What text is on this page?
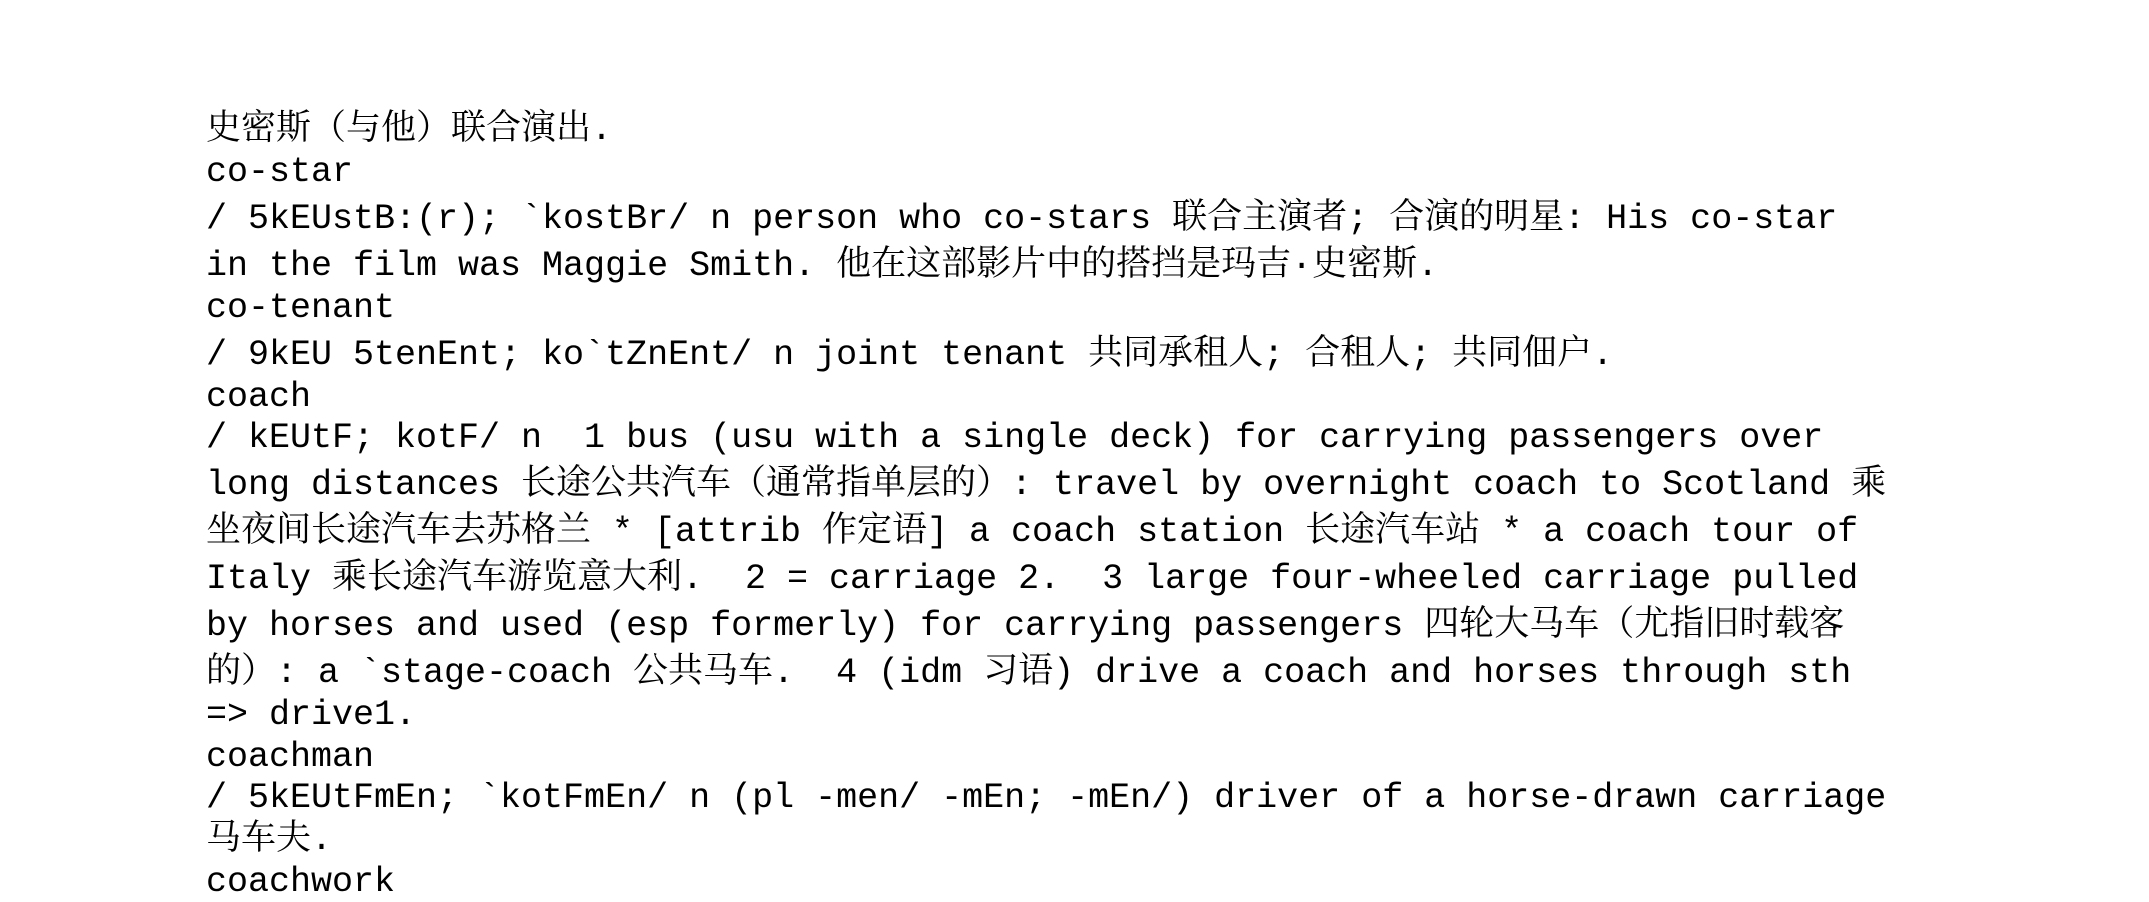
史密斯（与他）联合演出.
co-star
/ 5kEUstB:(r); `kostBr/ n person who co-stars 联合主演者; 合演的明星: His co-star
in the film was Maggie Smith. 他在这部影片中的搭挡是玛吉·史密斯.
co-tenant
/ 9kEU 5tenEnt; ko`tZnEnt/ n joint tenant 共同承租人; 合租人; 共同佃户.
coach
/ kEUtF; kotF/ n  1 bus (usu with a single deck) for carrying passengers over
long distances 长途公共汽车（通常指单层的）: travel by overnight coach to Scotland 乘
坐夜间长途汽车去苏格兰 * [attrib 作定语] a coach station 长途汽车站 * a coach tour of
Italy 乘长途汽车游览意大利.  2 = carriage 2.  3 large four-wheeled carriage pulled
by horses and used (esp formerly) for carrying passengers 四轮大马车（尤指旧时载客
的）: a `stage-coach 公共马车.  4 (idm 习语) drive a coach and horses through sth
=> drive1.
coachman
/ 5kEUtFmEn; `kotFmEn/ n (pl -men/ -mEn; -mEn/) driver of a horse-drawn carriage
马车夫.
coachwork
